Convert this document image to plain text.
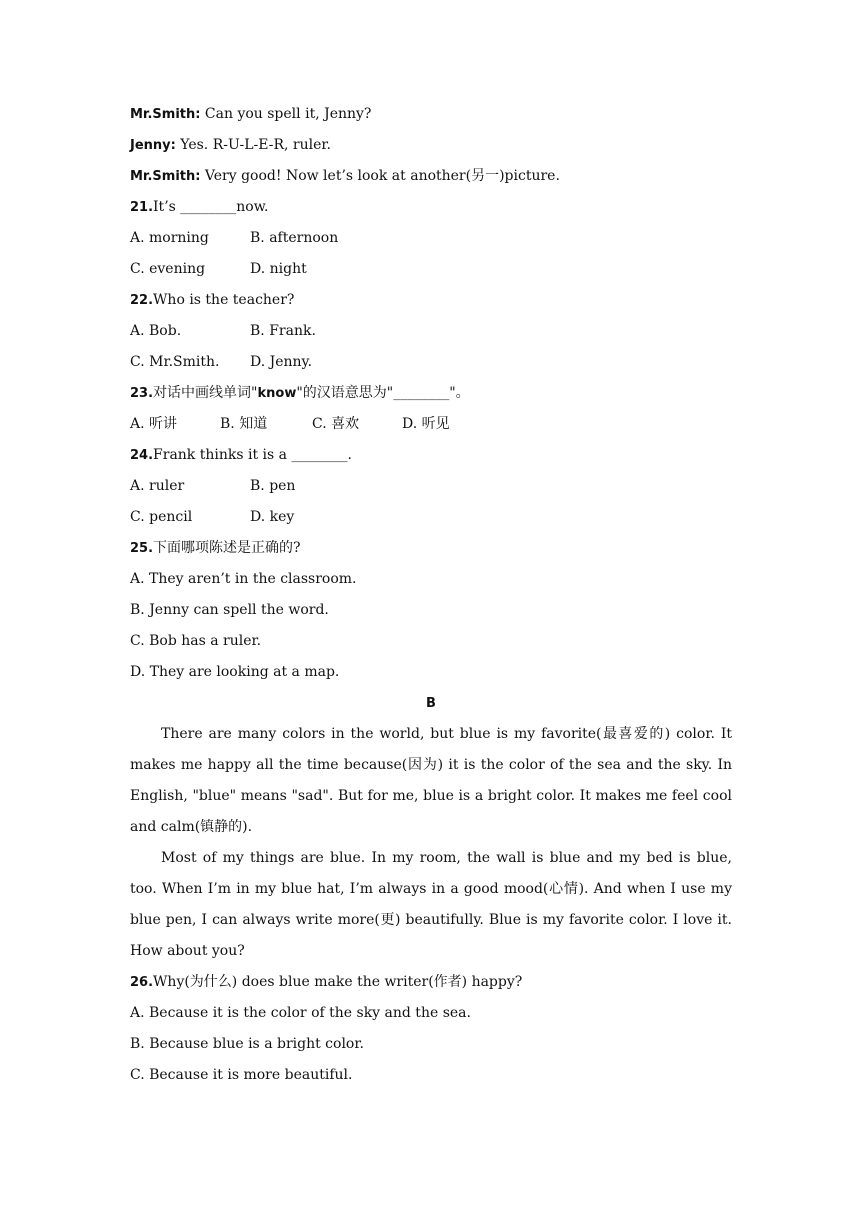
Mr.Smith: Can you spell it, Jenny?
Jenny: Yes. R-U-L-E-R, ruler.
Mr.Smith: Very good! Now let’s look at another(另一)picture.
21.It’s ________now.
A. morning	B. afternoon
C. evening	D. night
22.Who is the teacher?
A. Bob.	B. Frank.
C. Mr.Smith. D. Jenny.
23.对话中画线单词"know"的汉语意思为"________"。
A. 听讲	B. 知道	C. 喜欢	D. 听见
24.Frank thinks it is a ________.
A. ruler	B. pen
C. pencil	D. key
25.下面哪项陈述是正确的?
A. They aren’t in the classroom.
B. Jenny can spell the word.
C. Bob has a ruler.
D. They are looking at a map.
B
There are many colors in the world, but blue is my favorite(最喜爱的) color. It makes me happy all the time because(因为) it is the color of the sea and the sky. In English, "blue" means "sad". But for me, blue is a bright color. It makes me feel cool and calm(镇静的).
Most of my things are blue. In my room, the wall is blue and my bed is blue, too. When I’m in my blue hat, I’m always in a good mood(心情). And when I use my blue pen, I can always write more(更) beautifully. Blue is my favorite color. I love it. How about you?
26.Why(为什么) does blue make the writer(作者) happy?
A. Because it is the color of the sky and the sea.
B. Because blue is a bright color.
C. Because it is more beautiful.
